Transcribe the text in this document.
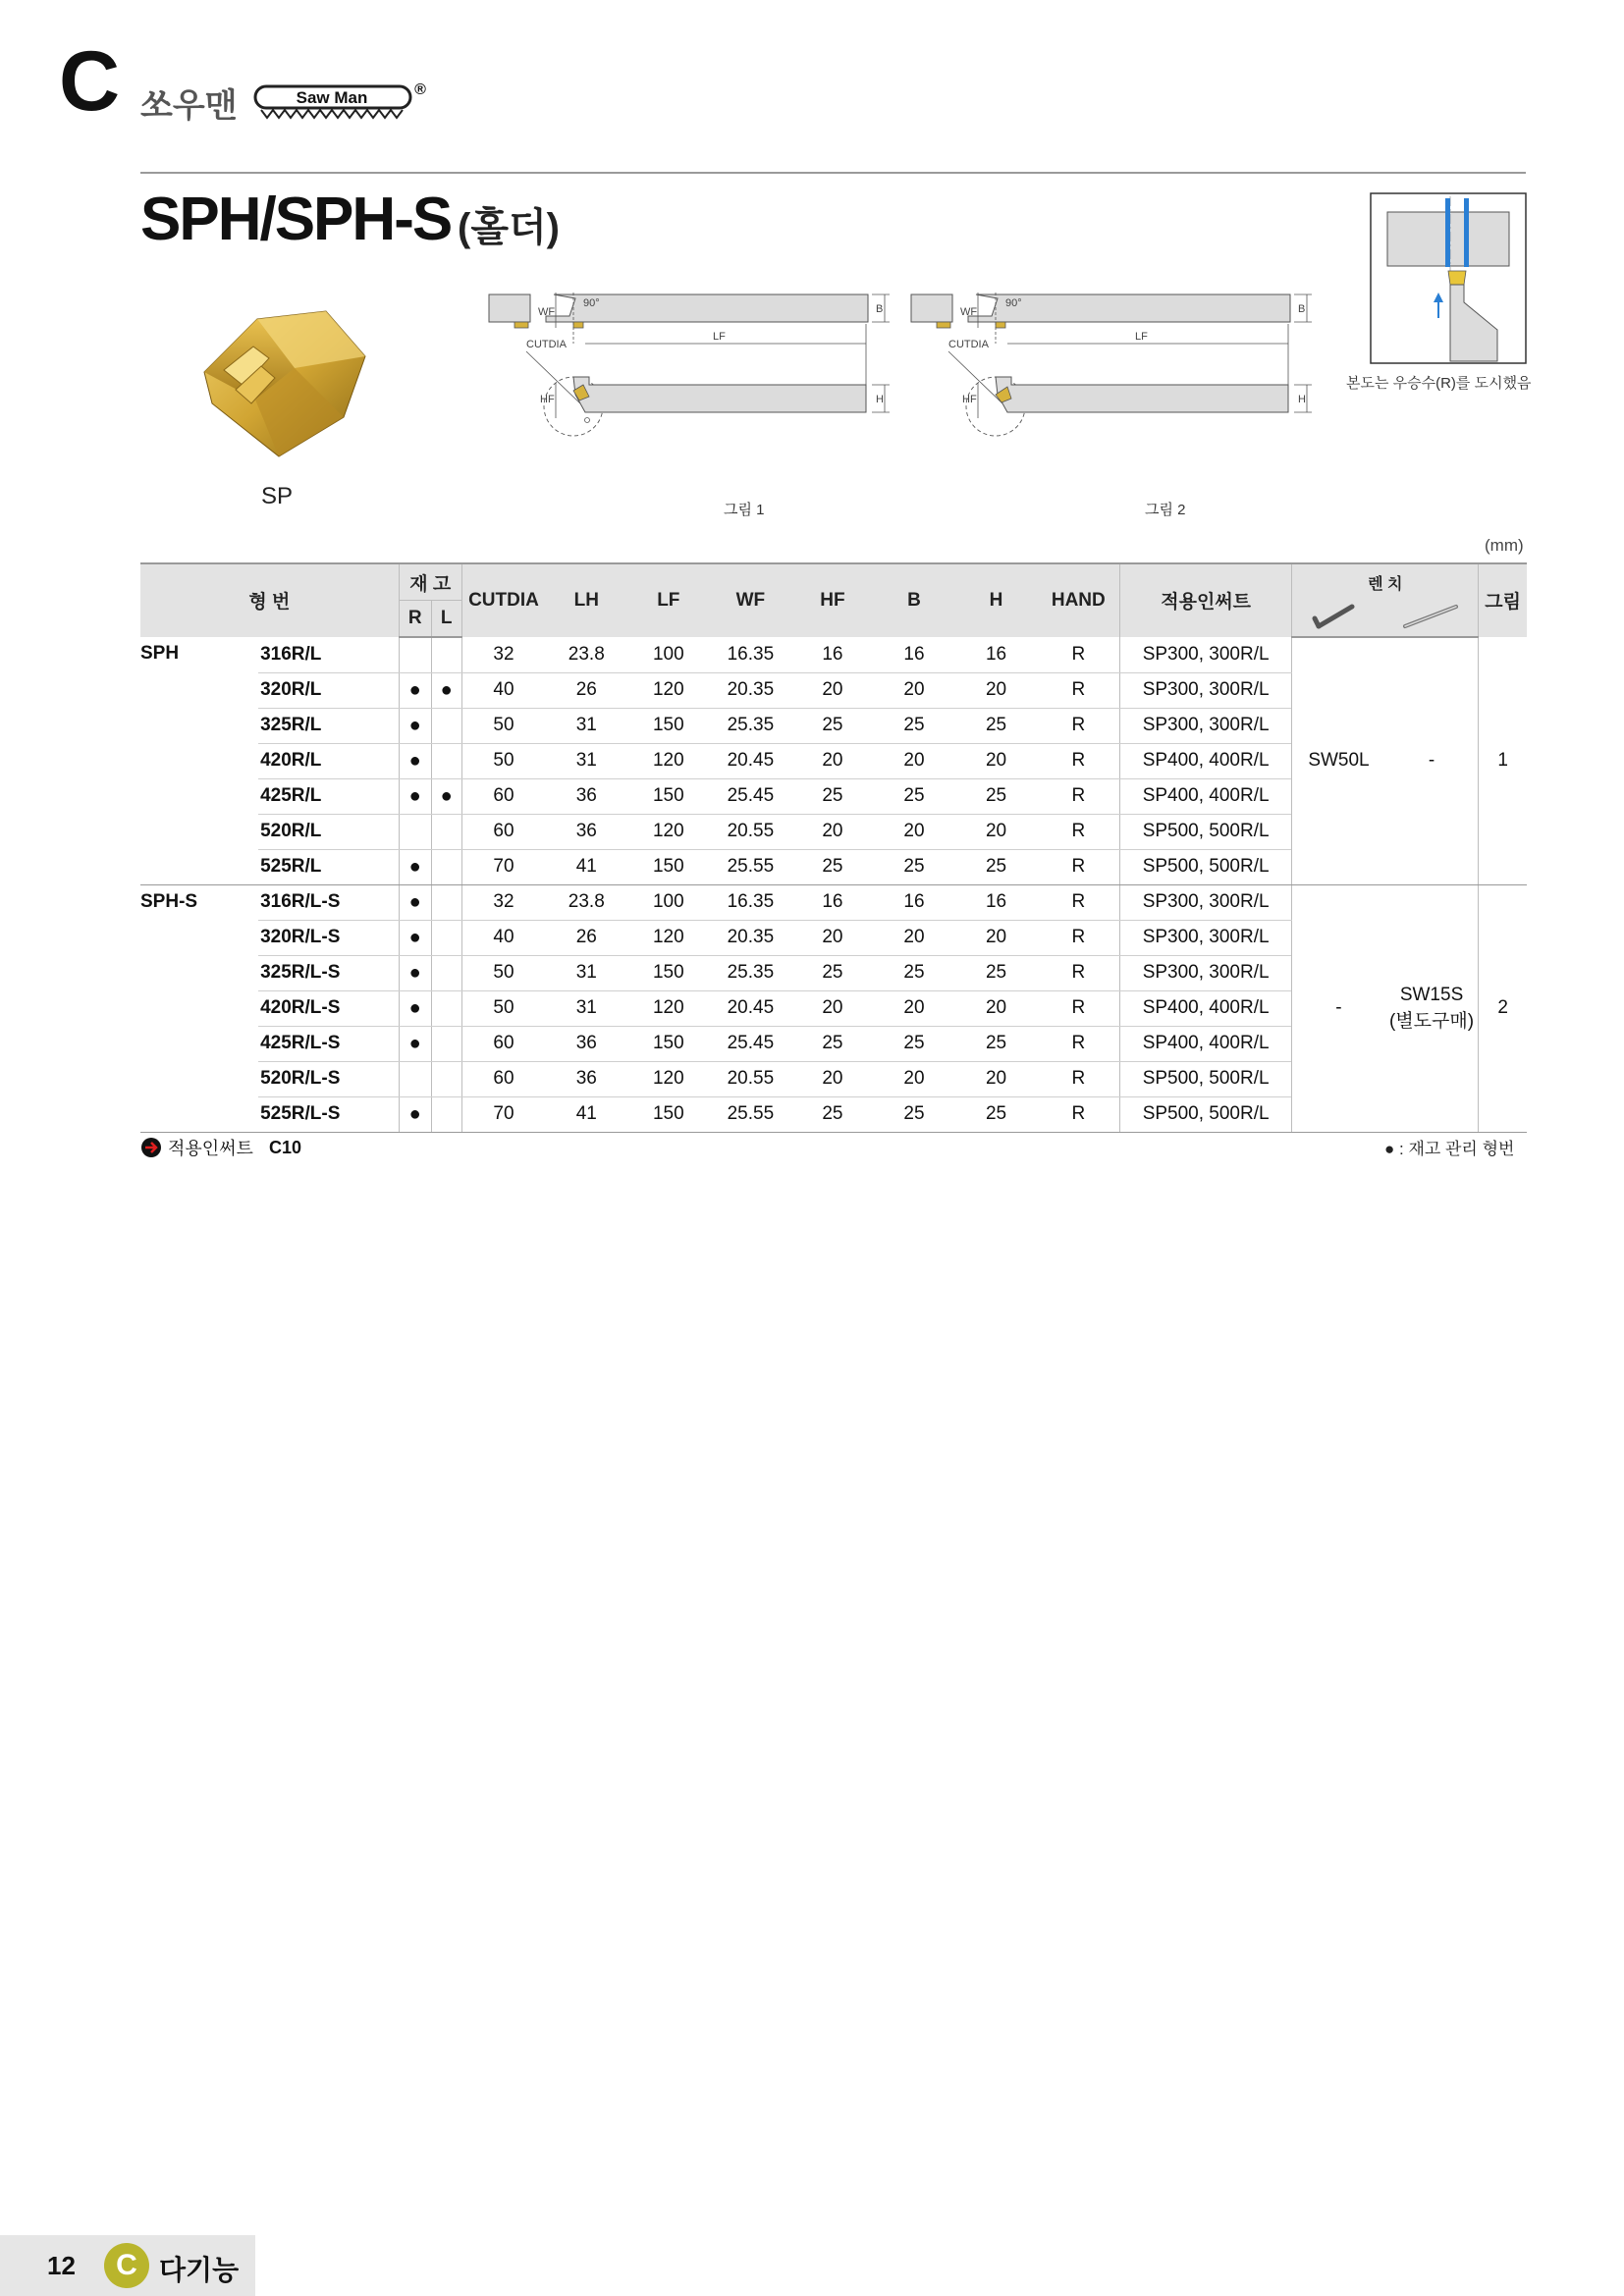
C 쏘우맨	Saw Man	®
SPH/SPH-S (홀더)
SP
WF
90°	B
LF
CUTDIA
HF	H
그림 1
WF
90°	B
LF
CUTDIA
HF	H
그림 2
본도는 우승수(R)를 도시했음
(mm)
형 번		재 고		CUTDIA	LH	LF	WF	HF	B	H	HAND	적용인써트	렌 치		그림
		R	L		
SPH	316R/L			32	23.8	100	16.35	16	16	16	R	SP300, 300R/L	SW50L	-	1
	320R/L	●	●	40	26	120	20.35	20	20	20	R	SP300, 300R/L			
	325R/L	●		50	31	150	25.35	25	25	25	R	SP300, 300R/L			
	420R/L	●		50	31	120	20.45	20	20	20	R	SP400, 400R/L			
	425R/L	●	●	60	36	150	25.45	25	25	25	R	SP400, 400R/L			
	520R/L			60	36	120	20.55	20	20	20	R	SP500, 500R/L			
	525R/L	●		70	41	150	25.55	25	25	25	R	SP500, 500R/L			
SPH-S	316R/L-S	●		32	23.8	100	16.35	16	16	16	R	SP300, 300R/L	-	SW15S
(별도구매)	2
	320R/L-S	●		40	26	120	20.35	20	20	20	R	SP300, 300R/L			
	325R/L-S	●		50	31	150	25.35	25	25	25	R	SP300, 300R/L			
	420R/L-S	●		50	31	120	20.45	20	20	20	R	SP400, 400R/L			
	425R/L-S	●		60	36	150	25.45	25	25	25	R	SP400, 400R/L			
	520R/L-S			60	36	120	20.55	20	20	20	R	SP500, 500R/L			
	525R/L-S	●		70	41	150	25.55	25	25	25	R	SP500, 500R/L			
적용인써트 C10	● : 재고 관리 형번
12	C 다기능
